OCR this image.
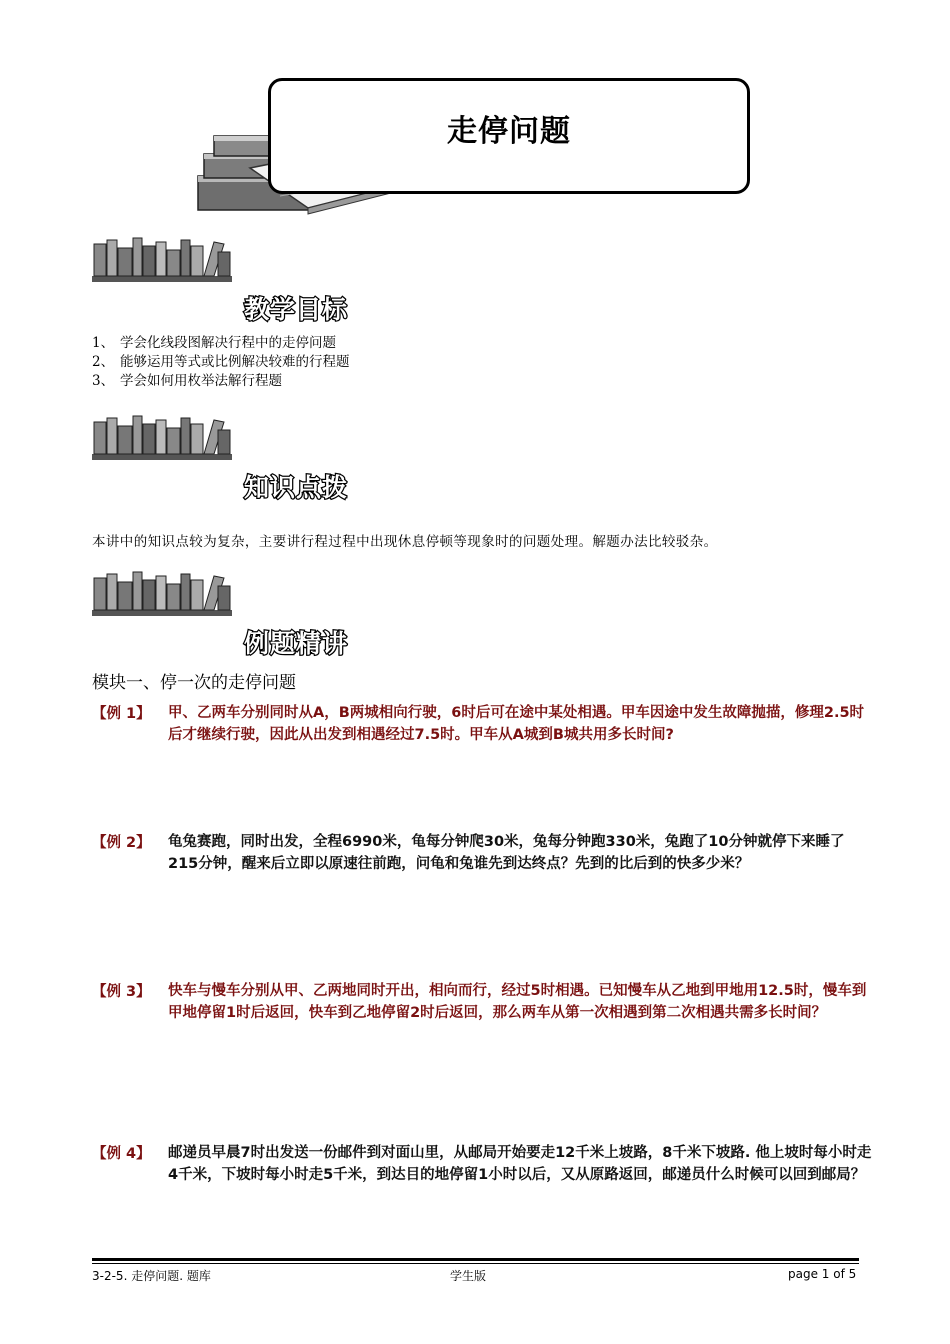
走停问题
教学目标
1、 学会化线段图解决行程中的走停问题
2、 能够运用等式或比例解决较难的行程题
3、 学会如何用枚举法解行程题
知识点拨
本讲中的知识点较为复杂，主要讲行程过程中出现休息停顿等现象时的问题处理。解题办法比较驳杂。
例题精讲
模块一、停一次的走停问题
【例 1】	甲、乙两车分别同时从A，B两城相向行驶，6时后可在途中某处相遇。甲车因途中发生故障抛描，修理2.5时后才继续行驶，因此从出发到相遇经过7.5时。甲车从A城到B城共用多长时间?
【例 2】	龟兔赛跑，同时出发，全程6990米，龟每分钟爬30米，兔每分钟跑330米，兔跑了10分钟就停下来睡了215分钟，醒来后立即以原速往前跑，问龟和兔谁先到达终点？先到的比后到的快多少米？
【例 3】	快车与慢车分别从甲、乙两地同时开出，相向而行，经过5时相遇。已知慢车从乙地到甲地用12.5时，慢车到甲地停留1时后返回，快车到乙地停留2时后返回，那么两车从第一次相遇到第二次相遇共需多长时间？
【例 4】	邮递员早晨7时出发送一份邮件到对面山里，从邮局开始要走12千米上坡路，8千米下坡路. 他上坡时每小时走4千米，下坡时每小时走5千米，到达目的地停留1小时以后，又从原路返回，邮递员什么时候可以回到邮局？
3-2-5. 走停问题. 题库	学生版	page 1 of 5
